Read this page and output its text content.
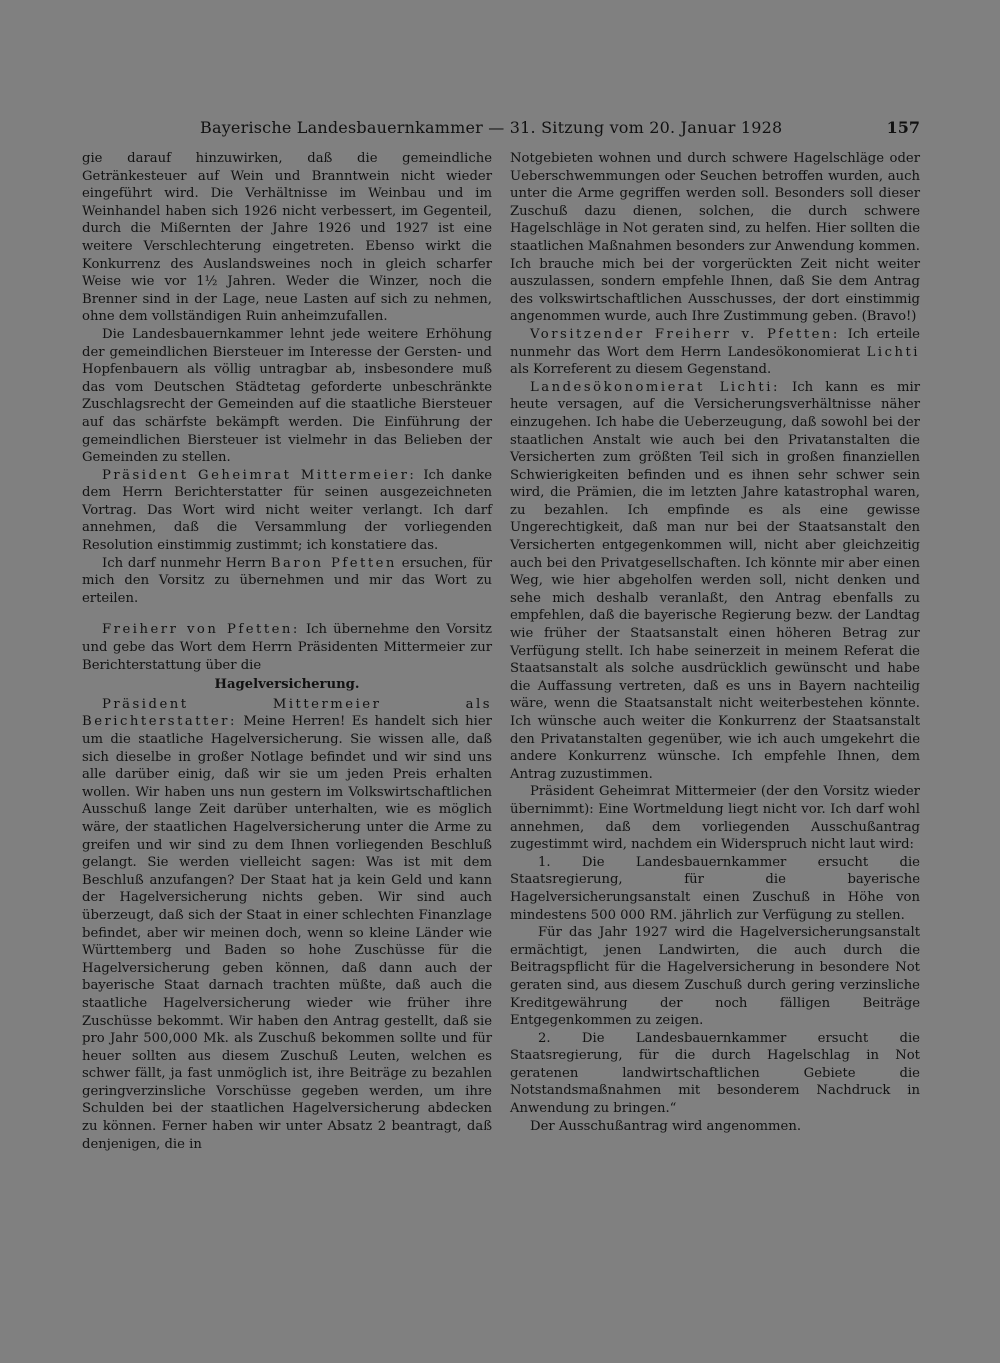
Bayerische Landesbauernkammer — 31. Sitzung vom 20. Januar 1928	157

gie darauf hinzuwirken, daß die gemeindliche Getränkesteuer auf Wein und Branntwein nicht wieder eingeführt wird. Die Verhältnisse im Weinbau und im Weinhandel haben sich 1926 nicht verbessert, im Gegenteil, durch die Mißernten der Jahre 1926 und 1927 ist eine weitere Verschlechterung eingetreten. Ebenso wirkt die Konkurrenz des Auslandsweines noch in gleich scharfer Weise wie vor 1½ Jahren. Weder die Winzer, noch die Brenner sind in der Lage, neue Lasten auf sich zu nehmen, ohne dem vollständigen Ruin anheimzufallen.

Die Landesbauernkammer lehnt jede weitere Erhöhung der gemeindlichen Biersteuer im Interesse der Gersten- und Hopfenbauern als völlig untragbar ab, insbesondere muß das vom Deutschen Städtetag geforderte unbeschränkte Zuschlagsrecht der Gemeinden auf die staatliche Biersteuer auf das schärfste bekämpft werden. Die Einführung der gemeindlichen Biersteuer ist vielmehr in das Belieben der Gemeinden zu stellen.

Präsident Geheimrat Mittermeier: Ich danke dem Herrn Berichterstatter für seinen ausgezeichneten Vortrag. Das Wort wird nicht weiter verlangt. Ich darf annehmen, daß die Versammlung der vorliegenden Resolution einstimmig zustimmt; ich konstatiere das.

Ich darf nunmehr Herrn Baron Pfetten ersuchen, für mich den Vorsitz zu übernehmen und mir das Wort zu erteilen.

Freiherr von Pfetten: Ich übernehme den Vorsitz und gebe das Wort dem Herrn Präsidenten Mittermeier zur Berichterstattung über die

Hagelversicherung.

Präsident Mittermeier als Berichterstatter: Meine Herren! Es handelt sich hier um die staatliche Hagelversicherung. Sie wissen alle, daß sich dieselbe in großer Notlage befindet und wir sind uns alle darüber einig, daß wir sie um jeden Preis erhalten wollen. Wir haben uns nun gestern im Volkswirtschaftlichen Ausschuß lange Zeit darüber unterhalten, wie es möglich wäre, der staatlichen Hagelversicherung unter die Arme zu greifen und wir sind zu dem Ihnen vorliegenden Beschluß gelangt. Sie werden vielleicht sagen: Was ist mit dem Beschluß anzufangen? Der Staat hat ja kein Geld und kann der Hagelversicherung nichts geben. Wir sind auch überzeugt, daß sich der Staat in einer schlechten Finanzlage befindet, aber wir meinen doch, wenn so kleine Länder wie Württemberg und Baden so hohe Zuschüsse für die Hagelversicherung geben können, daß dann auch der bayerische Staat darnach trachten müßte, daß auch die staatliche Hagelversicherung wieder wie früher ihre Zuschüsse bekommt. Wir haben den Antrag gestellt, daß sie pro Jahr 500,000 Mk. als Zuschuß bekommen sollte und für heuer sollten aus diesem Zuschuß Leuten, welchen es schwer fällt, ja fast unmöglich ist, ihre Beiträge zu bezahlen geringverzinsliche Vorschüsse gegeben werden, um ihre Schulden bei der staatlichen Hagelversicherung abdecken zu können. Ferner haben wir unter Absatz 2 beantragt, daß denjenigen, die in

Notgebieten wohnen und durch schwere Hagelschläge oder Ueberschwemmungen oder Seuchen betroffen wurden, auch unter die Arme gegriffen werden soll. Besonders soll dieser Zuschuß dazu dienen, solchen, die durch schwere Hagelschläge in Not geraten sind, zu helfen. Hier sollten die staatlichen Maßnahmen besonders zur Anwendung kommen. Ich brauche mich bei der vorgerückten Zeit nicht weiter auszulassen, sondern empfehle Ihnen, daß Sie dem Antrag des volkswirtschaftlichen Ausschusses, der dort einstimmig angenommen wurde, auch Ihre Zustimmung geben. (Bravo!)

Vorsitzender Freiherr v. Pfetten: Ich erteile nunmehr das Wort dem Herrn Landesökonomierat Lichti als Korreferent zu diesem Gegenstand.

Landesökonomierat Lichti: Ich kann es mir heute versagen, auf die Versicherungsverhältnisse näher einzugehen. Ich habe die Ueberzeugung, daß sowohl bei der staatlichen Anstalt wie auch bei den Privatanstalten die Versicherten zum größten Teil sich in großen finanziellen Schwierigkeiten befinden und es ihnen sehr schwer sein wird, die Prämien, die im letzten Jahre katastrophal waren, zu bezahlen. Ich empfinde es als eine gewisse Ungerechtigkeit, daß man nur bei der Staatsanstalt den Versicherten entgegenkommen will, nicht aber gleichzeitig auch bei den Privatgesellschaften. Ich könnte mir aber einen Weg, wie hier abgeholfen werden soll, nicht denken und sehe mich deshalb veranlaßt, den Antrag ebenfalls zu empfehlen, daß die bayerische Regierung bezw. der Landtag wie früher der Staatsanstalt einen höheren Betrag zur Verfügung stellt. Ich habe seinerzeit in meinem Referat die Staatsanstalt als solche ausdrücklich gewünscht und habe die Auffassung vertreten, daß es uns in Bayern nachteilig wäre, wenn die Staatsanstalt nicht weiterbestehen könnte. Ich wünsche auch weiter die Konkurrenz der Staatsanstalt den Privatanstalten gegenüber, wie ich auch umgekehrt die andere Konkurrenz wünsche. Ich empfehle Ihnen, dem Antrag zuzustimmen.

Präsident Geheimrat Mittermeier (der den Vorsitz wieder übernimmt): Eine Wortmeldung liegt nicht vor. Ich darf wohl annehmen, daß dem vorliegenden Ausschußantrag zugestimmt wird, nachdem ein Widerspruch nicht laut wird:

1. Die Landesbauernkammer ersucht die Staatsregierung, für die bayerische Hagelversicherungsanstalt einen Zuschuß in Höhe von mindestens 500 000 RM. jährlich zur Verfügung zu stellen.

Für das Jahr 1927 wird die Hagelversicherungsanstalt ermächtigt, jenen Landwirten, die auch durch die Beitragspflicht für die Hagelversicherung in besondere Not geraten sind, aus diesem Zuschuß durch gering verzinsliche Kreditgewährung der noch fälligen Beiträge Entgegenkommen zu zeigen.

2. Die Landesbauernkammer ersucht die Staatsregierung, für die durch Hagelschlag in Not geratenen landwirtschaftlichen Gebiete die Notstandsmaßnahmen mit besonderem Nachdruck in Anwendung zu bringen.“

Der Ausschußantrag wird angenommen.
